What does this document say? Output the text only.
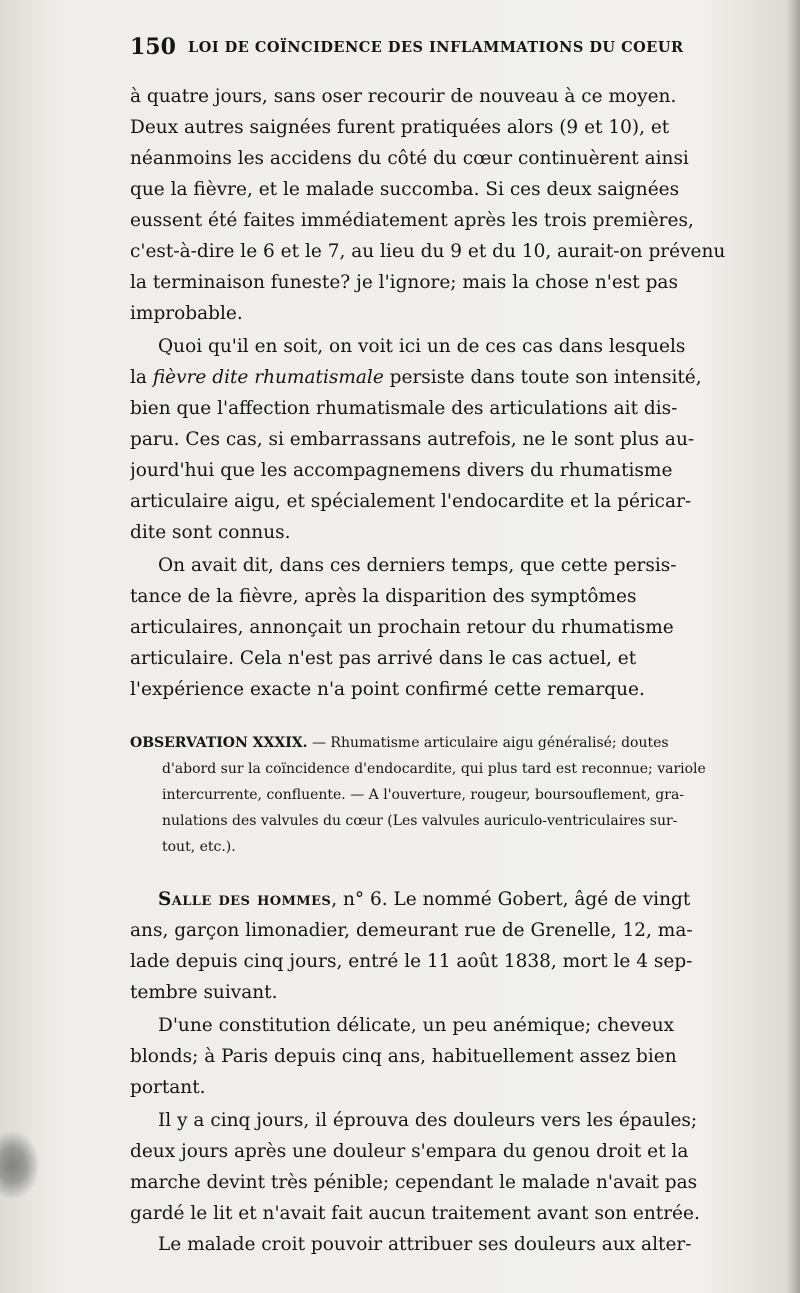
150 LOI DE COÏNCIDENCE DES INFLAMMATIONS DU COEUR
à quatre jours, sans oser recourir de nouveau à ce moyen.
Deux autres saignées furent pratiquées alors (9 et 10), et
néanmoins les accidens du côté du cœur continuèrent ainsi
que la fièvre, et le malade succomba. Si ces deux saignées
eussent été faites immédiatement après les trois premières,
c'est-à-dire le 6 et le 7, au lieu du 9 et du 10, aurait-on prévenu
la terminaison funeste? je l'ignore; mais la chose n'est pas
improbable.
Quoi qu'il en soit, on voit ici un de ces cas dans lesquels
la fièvre dite rhumatismale persiste dans toute son intensité,
bien que l'affection rhumatismale des articulations ait dis-
paru. Ces cas, si embarrassans autrefois, ne le sont plus au-
jourd'hui que les accompagnemens divers du rhumatisme
articulaire aigu, et spécialement l'endocardite et la péricar-
dite sont connus.
On avait dit, dans ces derniers temps, que cette persis-
tance de la fièvre, après la disparition des symptômes
articulaires, annonçait un prochain retour du rhumatisme
articulaire. Cela n'est pas arrivé dans le cas actuel, et
l'expérience exacte n'a point confirmé cette remarque.
OBSERVATION XXXIX. — Rhumatisme articulaire aigu généralisé; doutes
d'abord sur la coïncidence d'endocardite, qui plus tard est reconnue; variole
intercurrente, confluente. — A l'ouverture, rougeur, boursouflement, gra-
nulations des valvules du cœur (Les valvules auriculo-ventriculaires sur-
tout, etc.).
Salle des hommes, n° 6. Le nommé Gobert, âgé de vingt
ans, garçon limonadier, demeurant rue de Grenelle, 12, ma-
lade depuis cinq jours, entré le 11 août 1838, mort le 4 sep-
tembre suivant.
D'une constitution délicate, un peu anémique; cheveux
blonds; à Paris depuis cinq ans, habituellement assez bien
portant.
Il y a cinq jours, il éprouva des douleurs vers les épaules;
deux jours après une douleur s'empara du genou droit et la
marche devint très pénible; cependant le malade n'avait pas
gardé le lit et n'avait fait aucun traitement avant son entrée.
Le malade croit pouvoir attribuer ses douleurs aux alter-
